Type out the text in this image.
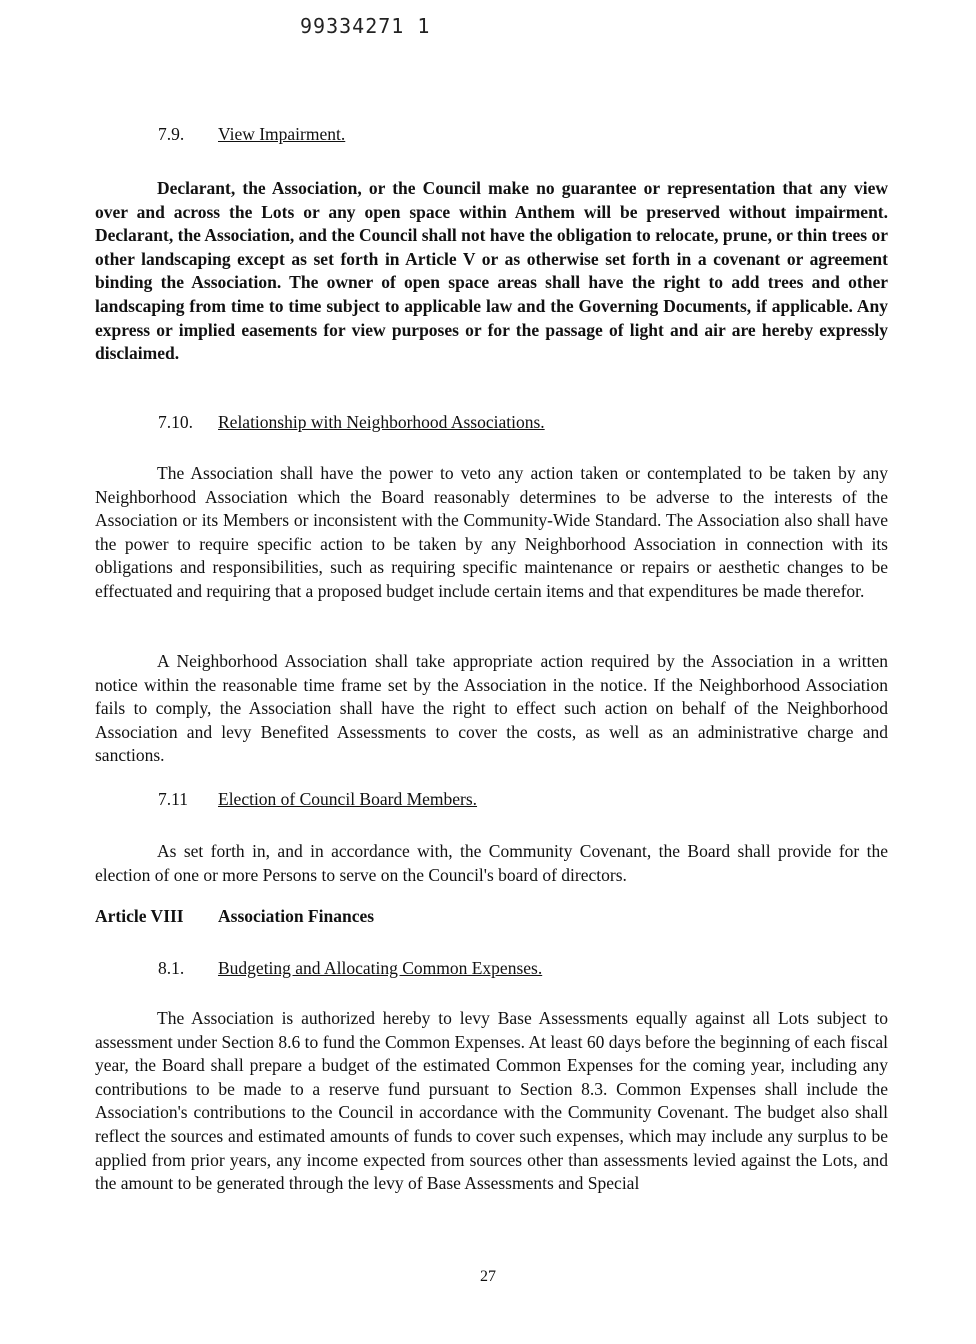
99334271 1
7.9. View Impairment.

Declarant, the Association, or the Council make no guarantee or representation that any view over and across the Lots or any open space within Anthem will be preserved without impairment. Declarant, the Association, and the Council shall not have the obligation to relocate, prune, or thin trees or other landscaping except as set forth in Article V or as otherwise set forth in a covenant or agreement binding the Association. The owner of open space areas shall have the right to add trees and other landscaping from time to time subject to applicable law and the Governing Documents, if applicable. Any express or implied easements for view purposes or for the passage of light and air are hereby expressly disclaimed.

7.10. Relationship with Neighborhood Associations.

The Association shall have the power to veto any action taken or contemplated to be taken by any Neighborhood Association which the Board reasonably determines to be adverse to the interests of the Association or its Members or inconsistent with the Community-Wide Standard. The Association also shall have the power to require specific action to be taken by any Neighborhood Association in connection with its obligations and responsibilities, such as requiring specific maintenance or repairs or aesthetic changes to be effectuated and requiring that a proposed budget include certain items and that expenditures be made therefor.

A Neighborhood Association shall take appropriate action required by the Association in a written notice within the reasonable time frame set by the Association in the notice. If the Neighborhood Association fails to comply, the Association shall have the right to effect such action on behalf of the Neighborhood Association and levy Benefited Assessments to cover the costs, as well as an administrative charge and sanctions.

7.11 Election of Council Board Members.

As set forth in, and in accordance with, the Community Covenant, the Board shall provide for the election of one or more Persons to serve on the Council's board of directors.

Article VIII Association Finances
8.1. Budgeting and Allocating Common Expenses.

The Association is authorized hereby to levy Base Assessments equally against all Lots subject to assessment under Section 8.6 to fund the Common Expenses. At least 60 days before the beginning of each fiscal year, the Board shall prepare a budget of the estimated Common Expenses for the coming year, including any contributions to be made to a reserve fund pursuant to Section 8.3. Common Expenses shall include the Association's contributions to the Council in accordance with the Community Covenant. The budget also shall reflect the sources and estimated amounts of funds to cover such expenses, which may include any surplus to be applied from prior years, any income expected from sources other than assessments levied against the Lots, and the amount to be generated through the levy of Base Assessments and Special

27
